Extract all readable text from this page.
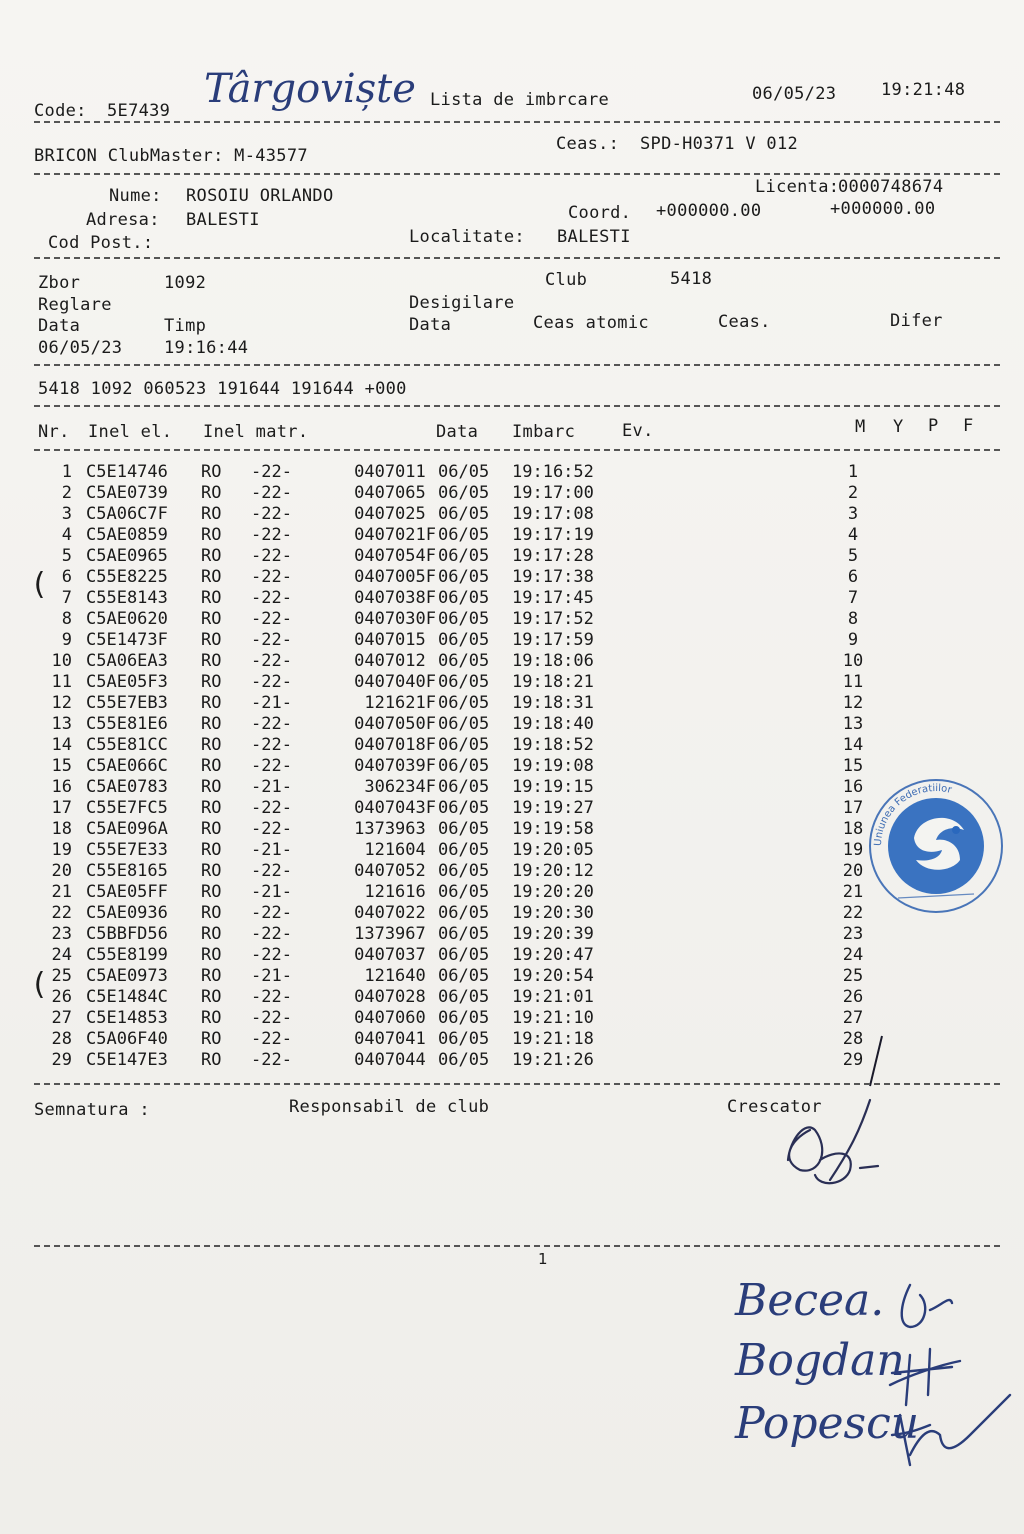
Code: 5E7439 Târgoviște Lista de imbrcare	06/05/23	19:21:48
BRICON ClubMaster: M-43577
Ceas.: SPD-H0371 V 012
Nume: ROSOIU ORLANDO
Adresa: BALESTI
Cod Post.:
Licenta:
0000748674
Coord. +000000.00	+000000.00
Localitate: BALESTI
Zbor	1092	Club	5418
Reglare	Desigilare
Data	Timp	Data	Ceas atomic	Ceas.	Difer
06/05/23 19:16:44
5418 1092 060523 191644 191644 +000
Nr. Inel el. Inel matr.	Data Imbarc	Ev.	M Y P F
1 C5E14746 RO -22-	0407011 06/05 19:16:52	1
2 C5AE0739 RO -22-	0407065 06/05 19:17:00	2
3 C5A06C7F RO -22-	0407025 06/05 19:17:08	3
4 C5AE0859 RO -22-	0407021F 06/05 19:17:19	4
5 C5AE0965 RO -22-	0407054F 06/05 19:17:28	5
6 C55E8225 RO -22-	0407005F 06/05 19:17:38	6
7 C55E8143 RO -22-	0407038F 06/05 19:17:45	7
8 C5AE0620 RO -22-	0407030F 06/05 19:17:52	8
9 C5E1473F RO -22-	0407015 06/05 19:17:59	9
10 C5A06EA3 RO -22-	0407012 06/05 19:18:06	10
11 C5AE05F3 RO -22-	0407040F 06/05 19:18:21	11
12 C55E7EB3 RO -21-	121621F 06/05 19:18:31	12
13 C55E81E6 RO -22-	0407050F 06/05 19:18:40	13
14 C55E81CC RO -22-	0407018F 06/05 19:18:52	14
15 C5AE066C RO -22-	0407039F 06/05 19:19:08	15
16 C5AE0783 RO -21-	306234F 06/05 19:19:15	16
17 C55E7FC5 RO -22-	0407043F 06/05 19:19:27	17
18 C5AE096A RO -22-	1373963 06/05 19:19:58	18
19 C55E7E33 RO -21-	121604 06/05 19:20:05	19
20 C55E8165 RO -22-	0407052 06/05 19:20:12	20
21 C5AE05FF RO -21-	121616 06/05 19:20:20	21
22 C5AE0936 RO -22-	0407022 06/05 19:20:30	22
23 C5BBFD56 RO -22-	1373967 06/05 19:20:39	23
24 C55E8199 RO -22-	0407037 06/05 19:20:47	24
25 C5AE0973 RO -21-	121640 06/05 19:20:54	25
26 C5E1484C RO -22-	0407028 06/05 19:21:01	26
27 C5E14853 RO -22-	0407060 06/05 19:21:10	27
28 C5A06F40 RO -22-	0407041 06/05 19:21:18	28
29 C5E147E3 RO -22-	0407044 06/05 19:21:26	29
(
(
Uniunea Federatiilor
Semnatura :	Responsabil de club	Crescator
1
Becea.
Bogdan
Popescu
